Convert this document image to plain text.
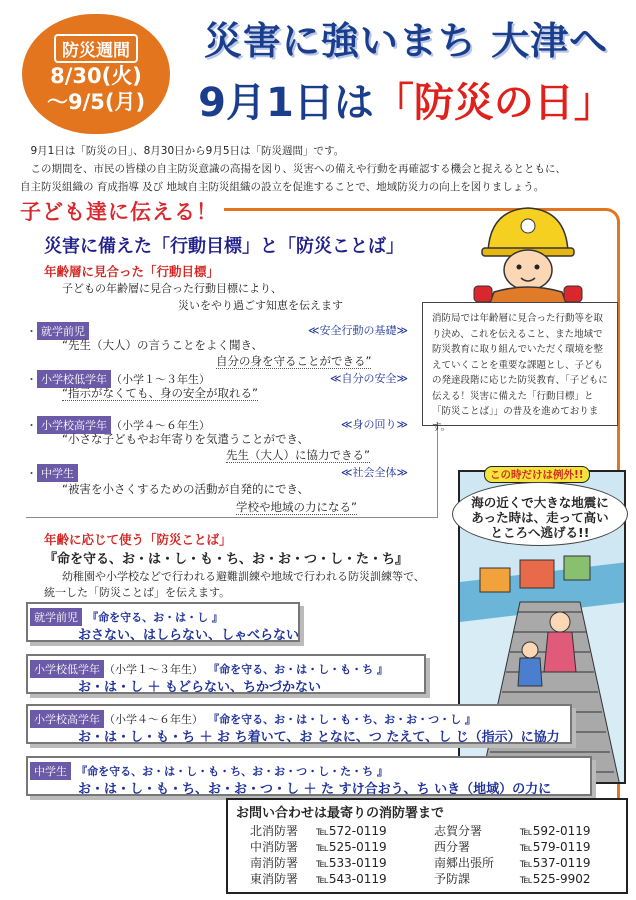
防災週間
8/30(火)
～9/5(月)
災害に強いまち 大津へ
9月1日は「防災の日」

9月1日は「防災の日」、8月30日から9月5日は「防災週間」です。

この期間を、市民の皆様の自主防災意識の高揚を図り、災害への備えや行動を再確認する機会と捉えるとともに、

自主防災組織の 育成指導 及び 地域自主防災組織の設立を促進することで、地域防災力の向上を図りましょう。

子ども達に伝える！
災害に備えた「行動目標」と「防災ことば」
年齢層に見合った「行動目標」
子どもの年齢層に見合った行動目標により、
災いをやり過ごす知恵を伝えます
・ 就学前児	≪安全行動の基礎≫
“先生（大人）の言うことをよく聞き、
自分の身を守ることができる”
・ 小学校低学年 （小学１～３年生）	≪自分の安全≫
“指示がなくても、身の安全が取れる”
・ 小学校高学年 （小学４～６年生）	≪身の回り≫
“小さな子どもやお年寄りを気遣うことができ、
先生（大人）に協力できる”
・ 中学生	≪社会全体≫
“被害を小さくするための活動が自発的にでき、
学校や地域の力になる”
消防局では年齢層に見合った行動等を取り決め、これを伝えること、また地域で防災教育に取り組んでいただく環境を整えていくことを重要な課題とし、子どもの発達段階に応じた防災教育、「子どもに伝える！災害に備えた「行動目標」と「防災ことば」」の普及を進めております。
この時だけは例外!!
海の近くで大きな地震に
あった時は、走って高い
ところへ逃げる!!
年齢に応じて使う「防災ことば」
『命を守る、お・は・し・も・ち、お・お・つ・し・た・ち』
幼稚園や小学校などで行われる避難訓練や地域で行われる防災訓練等で、
統一した「防災ことば」を伝えます。
就学前児 『命を守る、お・は・し 』
おさない、はしらない、しゃべらない
小学校低学年 （小学１～３年生） 『命を守る、お・は・し・も・ち 』
お・は・し ＋ もどらない、ちかづかない
小学校高学年 （小学４～６年生） 『命を守る、お・は・し・も・ち、お・お・つ・し 』
お・は・し・も・ち ＋ お ち着いて、お となに、つ たえて、し じ（指示）に協力
中学生 『命を守る、お・は・し・も・ち、お・お・つ・し・た・ち 』
お・は・し・も・ち、お・お・つ・し ＋ た すけ合おう、ち いき（地域）の力に
お問い合わせは最寄りの消防署まで
北消防署	℡572-0119	志賀分署	℡592-0119
中消防署	℡525-0119	西分署	℡579-0119
南消防署	℡533-0119	南郷出張所	℡537-0119
東消防署	℡543-0119	予防課	℡525-9902
